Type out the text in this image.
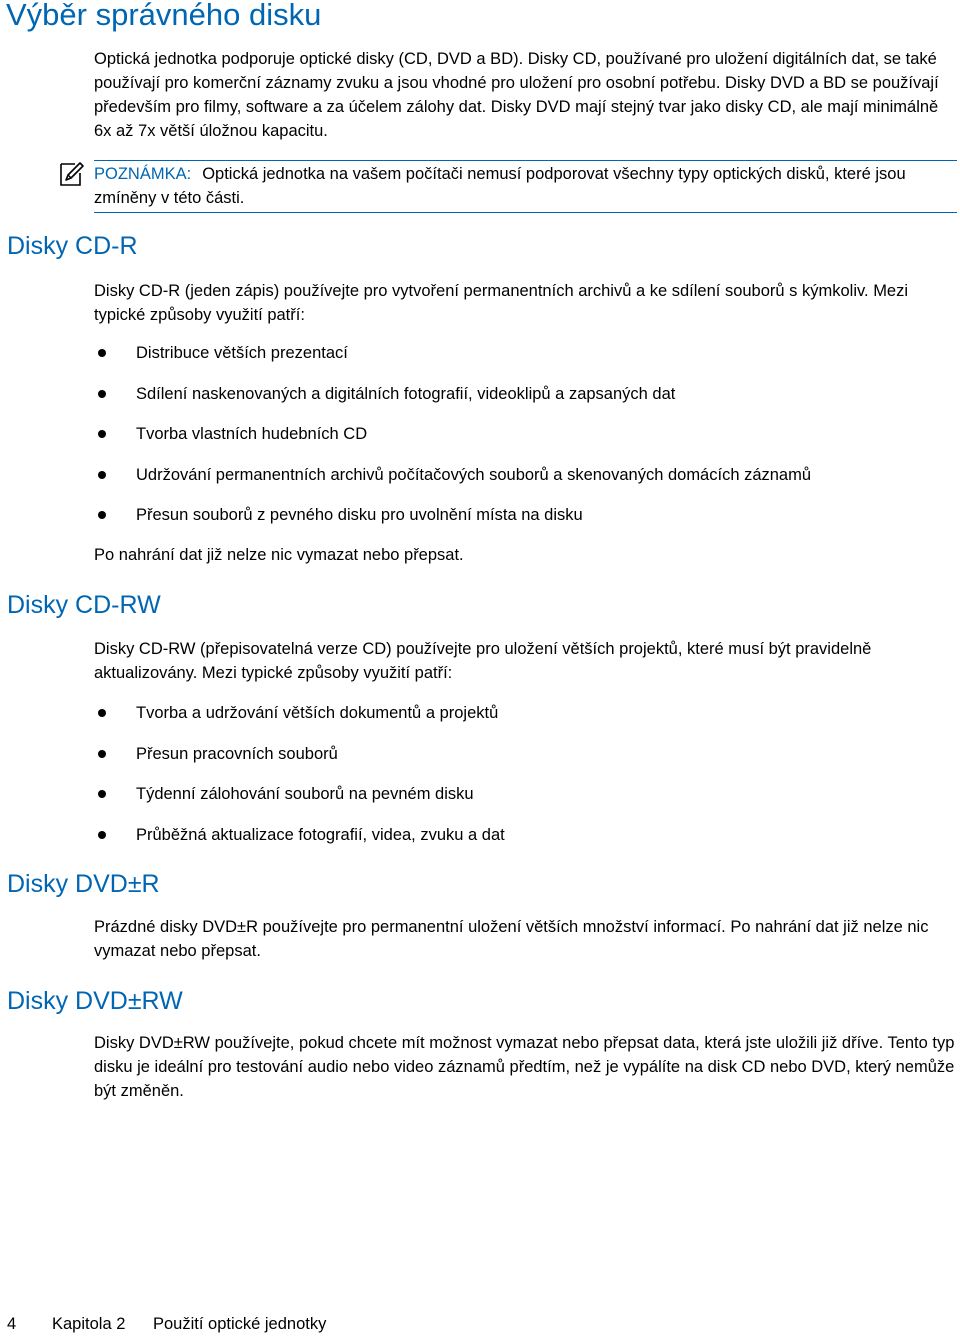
Výběr správného disku

Optická jednotka podporuje optické disky (CD, DVD a BD). Disky CD, používané pro uložení digitálních dat, se také používají pro komerční záznamy zvuku a jsou vhodné pro uložení pro osobní potřebu. Disky DVD a BD se používají především pro filmy, software a za účelem zálohy dat. Disky DVD mají stejný tvar jako disky CD, ale mají minimálně 6x až 7x větší úložnou kapacitu.

POZNÁMKA: Optická jednotka na vašem počítači nemusí podporovat všechny typy optických disků, které jsou zmíněny v této části.
Disky CD-R

Disky CD-R (jeden zápis) používejte pro vytvoření permanentních archivů a ke sdílení souborů s kýmkoliv. Mezi typické způsoby využití patří:

Distribuce větších prezentací
Sdílení naskenovaných a digitálních fotografií, videoklipů a zapsaných dat
Tvorba vlastních hudebních CD
Udržování permanentních archivů počítačových souborů a skenovaných domácích záznamů
Přesun souborů z pevného disku pro uvolnění místa na disku

Po nahrání dat již nelze nic vymazat nebo přepsat.

Disky CD-RW

Disky CD-RW (přepisovatelná verze CD) používejte pro uložení větších projektů, které musí být pravidelně aktualizovány. Mezi typické způsoby využití patří:

Tvorba a udržování větších dokumentů a projektů
Přesun pracovních souborů
Týdenní zálohování souborů na pevném disku
Průběžná aktualizace fotografií, videa, zvuku a dat
Disky DVD±R

Prázdné disky DVD±R používejte pro permanentní uložení větších množství informací. Po nahrání dat již nelze nic vymazat nebo přepsat.

Disky DVD±RW

Disky DVD±RW používejte, pokud chcete mít možnost vymazat nebo přepsat data, která jste uložili již dříve. Tento typ disku je ideální pro testování audio nebo video záznamů předtím, než je vypálíte na disk CD nebo DVD, který nemůže být změněn.

4 Kapitola 2 Použití optické jednotky
